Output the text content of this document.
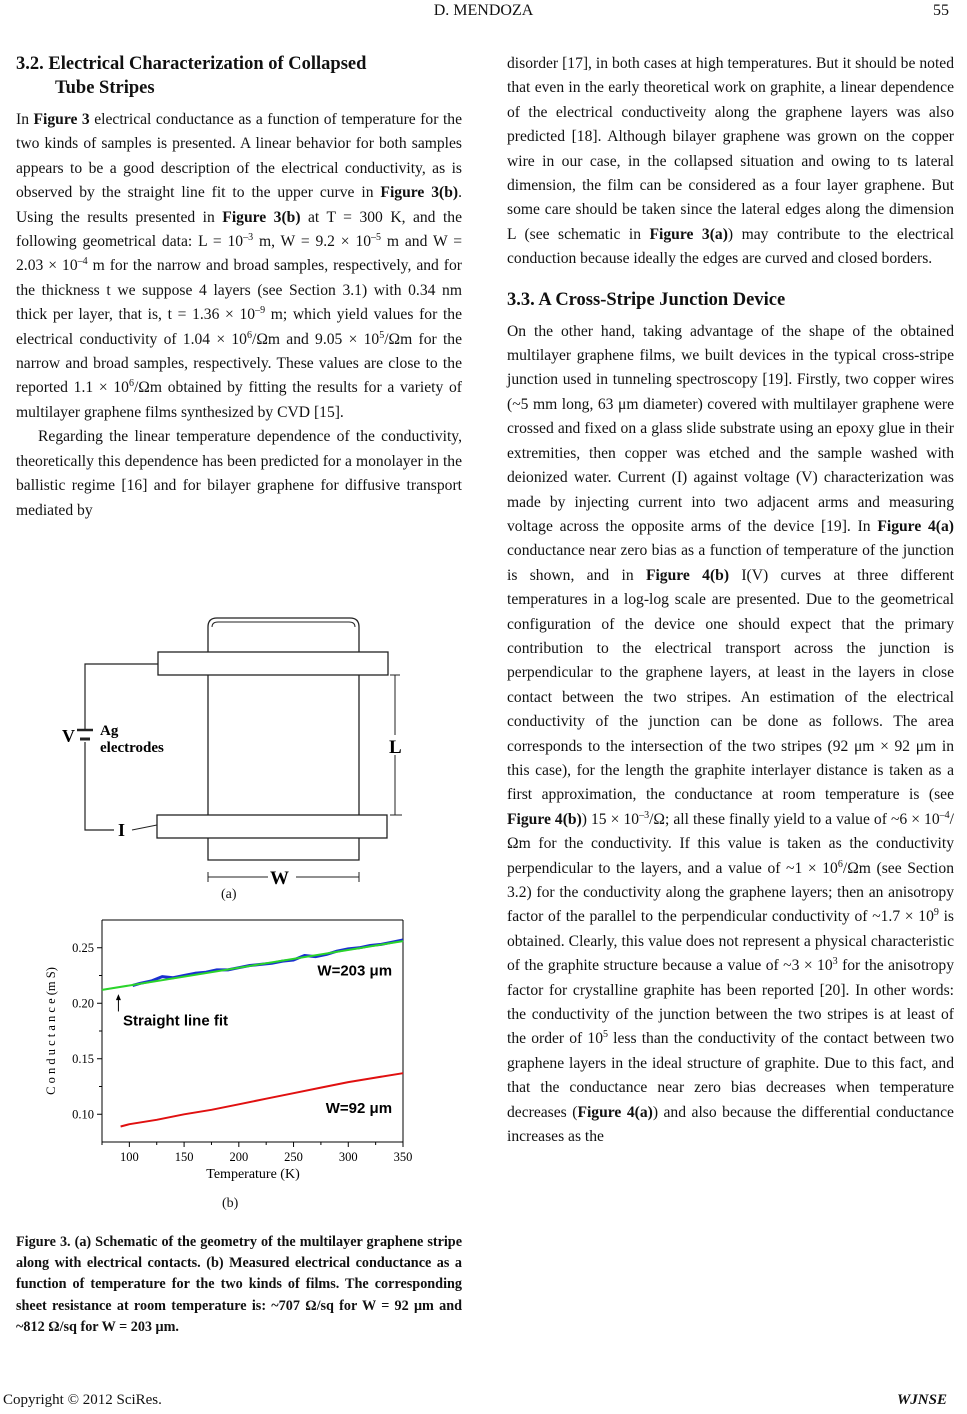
D. MENDOZA	55
3.2. Electrical Characterization of Collapsed
Tube Stripes

In Figure 3 electrical conductance as a function of temperature for the two kinds of samples is presented. A linear behavior for both samples appears to be a good description of the electrical conductivity, as is observed by the straight line fit to the upper curve in Figure 3(b). Using the results presented in Figure 3(b) at T = 300 K, and the following geometrical data: $L = 10^{-3}$ m, $W = 9.2 \times 10^{-5}$ m and $W = 2.03 \times 10^{-4}$ m for the narrow and broad samples, respectively, and for the thickness t we suppose 4 layers (see Section 3.1) with 0.34 nm thick per layer, that is, $t = 1.36 \times 10^{-9}$ m; which yield values for the electrical conductivity of $1.04 \times 10^6/\Omega m$ and $9.05 \times 10^5/\Omega m$ for the narrow and broad samples, respectively. These values are close to the reported $1.1 \times 10^6/\Omega m$ obtained by fitting the results for a variety of multilayer graphene films synthesized by CVD [15].

Regarding the linear temperature dependence of the conductivity, theoretically this dependence has been predicted for a monolayer in the ballistic regime [16] and for bilayer graphene for diffusive transport mediated by

V Ag
electrodes
I
L
W
(a)
100	150	200	250	300	350
0.10
0.15
0.20
0.25
W=203 μm
Straight line fit
W=92 μm
Temperature (K)
C o n d u c t a n c e (m S)
(b)
Figure 3. (a) Schematic of the geometry of the multilayer graphene stripe along with electrical contacts. (b) Measured electrical conductance as a function of temperature for the two kinds of films. The corresponding sheet resistance at room temperature is: ~707 Ω/sq for W = 92 μm and ~812 Ω/sq for W = 203 μm.

disorder [17], in both cases at high temperatures. But it should be noted that even in the early theoretical work on graphite, a linear dependence of the electrical conductiveity along the graphene layers was also predicted [18]. Although bilayer graphene was grown on the copper wire in our case, in the collapsed situation and owing to ts lateral dimension, the film can be considered as a four layer graphene. But some care should be taken since the lateral edges along the dimension L (see schematic in Figure 3(a)) may contribute to the electrical conduction because ideally the edges are curved and closed borders.

3.3. A Cross-Stripe Junction Device

On the other hand, taking advantage of the shape of the obtained multilayer graphene films, we built devices in the typical cross-stripe junction used in tunneling spectroscopy [19]. Firstly, two copper wires (~5 mm long, 63 μm diameter) covered with multilayer graphene were crossed and fixed on a glass slide substrate using an epoxy glue in their extremities, then copper was etched and the sample washed with deionized water. Current (I) against voltage (V) characterization was made by injecting current into two adjacent arms and measuring voltage across the opposite arms of the device [19]. In Figure 4(a) conductance near zero bias as a function of temperature of the junction is shown, and in Figure 4(b) I(V) curves at three different temperatures in a log-log scale are presented. Due to the geometrical configuration of the device one should expect that the primary contribution to the electrical transport across the junction is perpendicular to the graphene layers, at least in the layers in close contact between the two stripes. An estimation of the electrical conductivity of the junction can be done as follows. The area corresponds to the intersection of the two stripes (92 μm × 92 μm in this case), for the length the graphite interlayer distance is taken as a first approximation, the conductance at room temperature is (see Figure 4(b)) $15 \times 10^{-3}/\Omega$; all these finally yield to a value of ~6 × $10^{-4}/\Omega m$ for the conductivity. If this value is taken as the conductivity perpendicular to the layers, and a value of ~1 × $10^6/\Omega m$ (see Section 3.2) for the conductivity along the graphene layers; then an anisotropy factor of the parallel to the perpendicular conductivity of ~1.7 × $10^9$ is obtained. Clearly, this value does not represent a physical characteristic of the graphite structure because a value of ~3 × $10^3$ for the anisotropy factor for crystalline graphite has been reported [20]. In other words: the conductivity of the junction between the two stripes is at least of the order of $10^5$ less than the conductivity of the contact between two graphene layers in the ideal structure of graphite. Due to this fact, and that the conductance near zero bias decreases when temperature decreases (Figure 4(a)) and also because the differential conductance increases as the

Copyright © 2012 SciRes.	WJNSE
